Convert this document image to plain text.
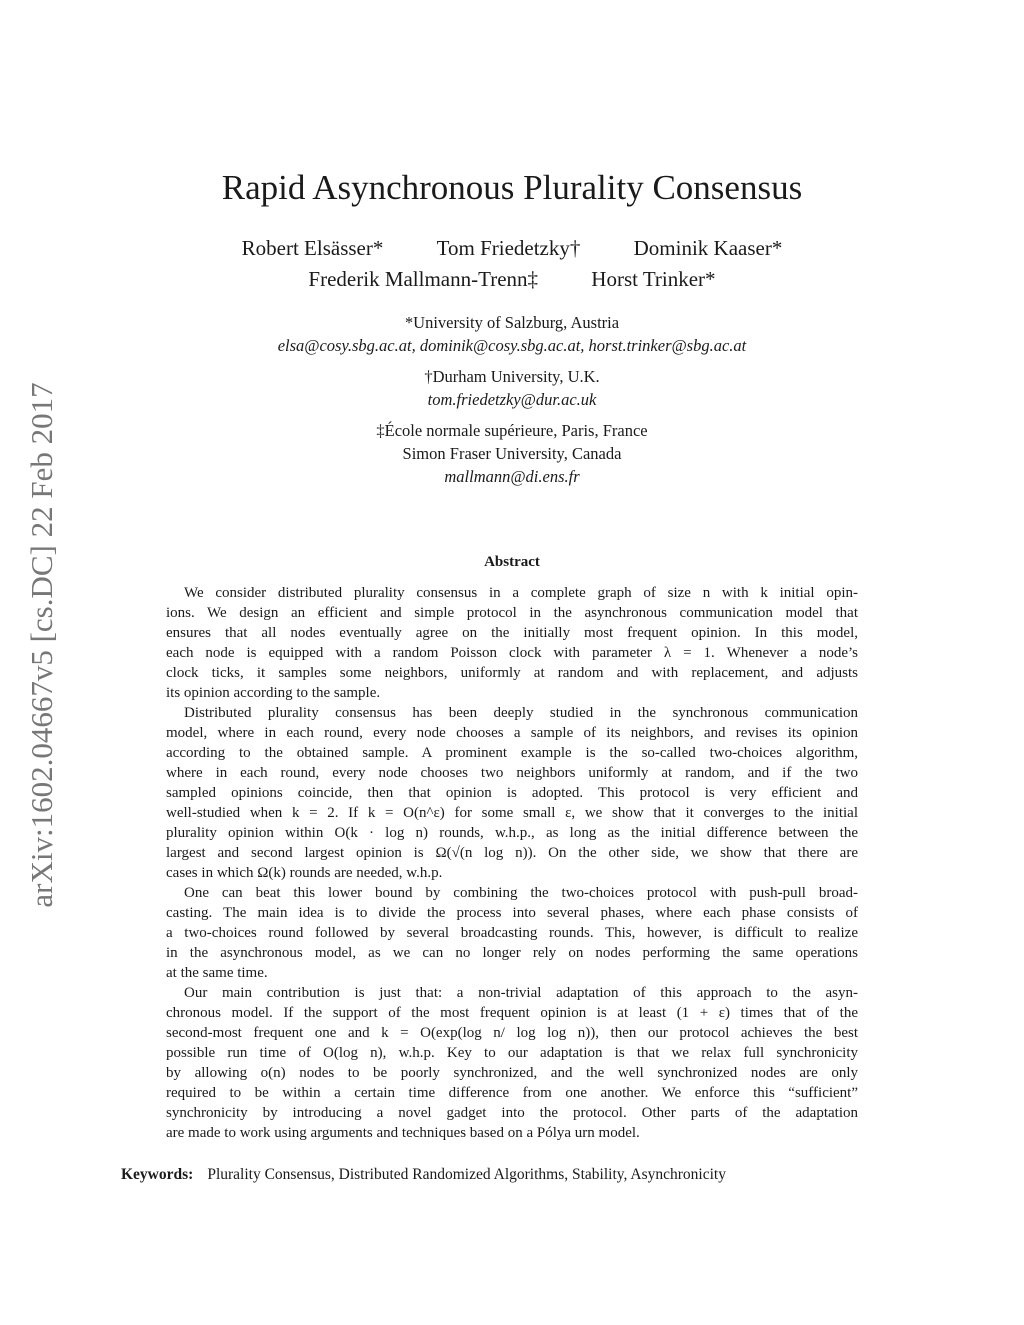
arXiv:1602.04667v5 [cs.DC] 22 Feb 2017
Rapid Asynchronous Plurality Consensus
Robert Elsässer*	Tom Friedetzky†	Dominik Kaaser*
Frederik Mallmann-Trenn‡	Horst Trinker*
*University of Salzburg, Austria
elsa@cosy.sbg.ac.at, dominik@cosy.sbg.ac.at, horst.trinker@sbg.ac.at
†Durham University, U.K.
tom.friedetzky@dur.ac.uk
‡École normale supérieure, Paris, France
Simon Fraser University, Canada
mallmann@di.ens.fr
Abstract
We consider distributed plurality consensus in a complete graph of size n with k initial opin-
ions. We design an efficient and simple protocol in the asynchronous communication model that
ensures that all nodes eventually agree on the initially most frequent opinion. In this model,
each node is equipped with a random Poisson clock with parameter λ = 1. Whenever a node’s
clock ticks, it samples some neighbors, uniformly at random and with replacement, and adjusts
its opinion according to the sample.
Distributed plurality consensus has been deeply studied in the synchronous communication
model, where in each round, every node chooses a sample of its neighbors, and revises its opinion
according to the obtained sample. A prominent example is the so-called two-choices algorithm,
where in each round, every node chooses two neighbors uniformly at random, and if the two
sampled opinions coincide, then that opinion is adopted. This protocol is very efficient and
well-studied when k = 2. If k = O(n^ε) for some small ε, we show that it converges to the initial
plurality opinion within O(k · log n) rounds, w.h.p., as long as the initial difference between the
largest and second largest opinion is Ω(√(n log n)). On the other side, we show that there are
cases in which Ω(k) rounds are needed, w.h.p.
One can beat this lower bound by combining the two-choices protocol with push-pull broad-
casting. The main idea is to divide the process into several phases, where each phase consists of
a two-choices round followed by several broadcasting rounds. This, however, is difficult to realize
in the asynchronous model, as we can no longer rely on nodes performing the same operations
at the same time.
Our main contribution is just that: a non-trivial adaptation of this approach to the asyn-
chronous model. If the support of the most frequent opinion is at least (1 + ε) times that of the
second-most frequent one and k = O(exp(log n/ log log n)), then our protocol achieves the best
possible run time of O(log n), w.h.p. Key to our adaptation is that we relax full synchronicity
by allowing o(n) nodes to be poorly synchronized, and the well synchronized nodes are only
required to be within a certain time difference from one another. We enforce this “sufficient”
synchronicity by introducing a novel gadget into the protocol. Other parts of the adaptation
are made to work using arguments and techniques based on a Pólya urn model.
Keywords: Plurality Consensus, Distributed Randomized Algorithms, Stability, Asynchronicity
